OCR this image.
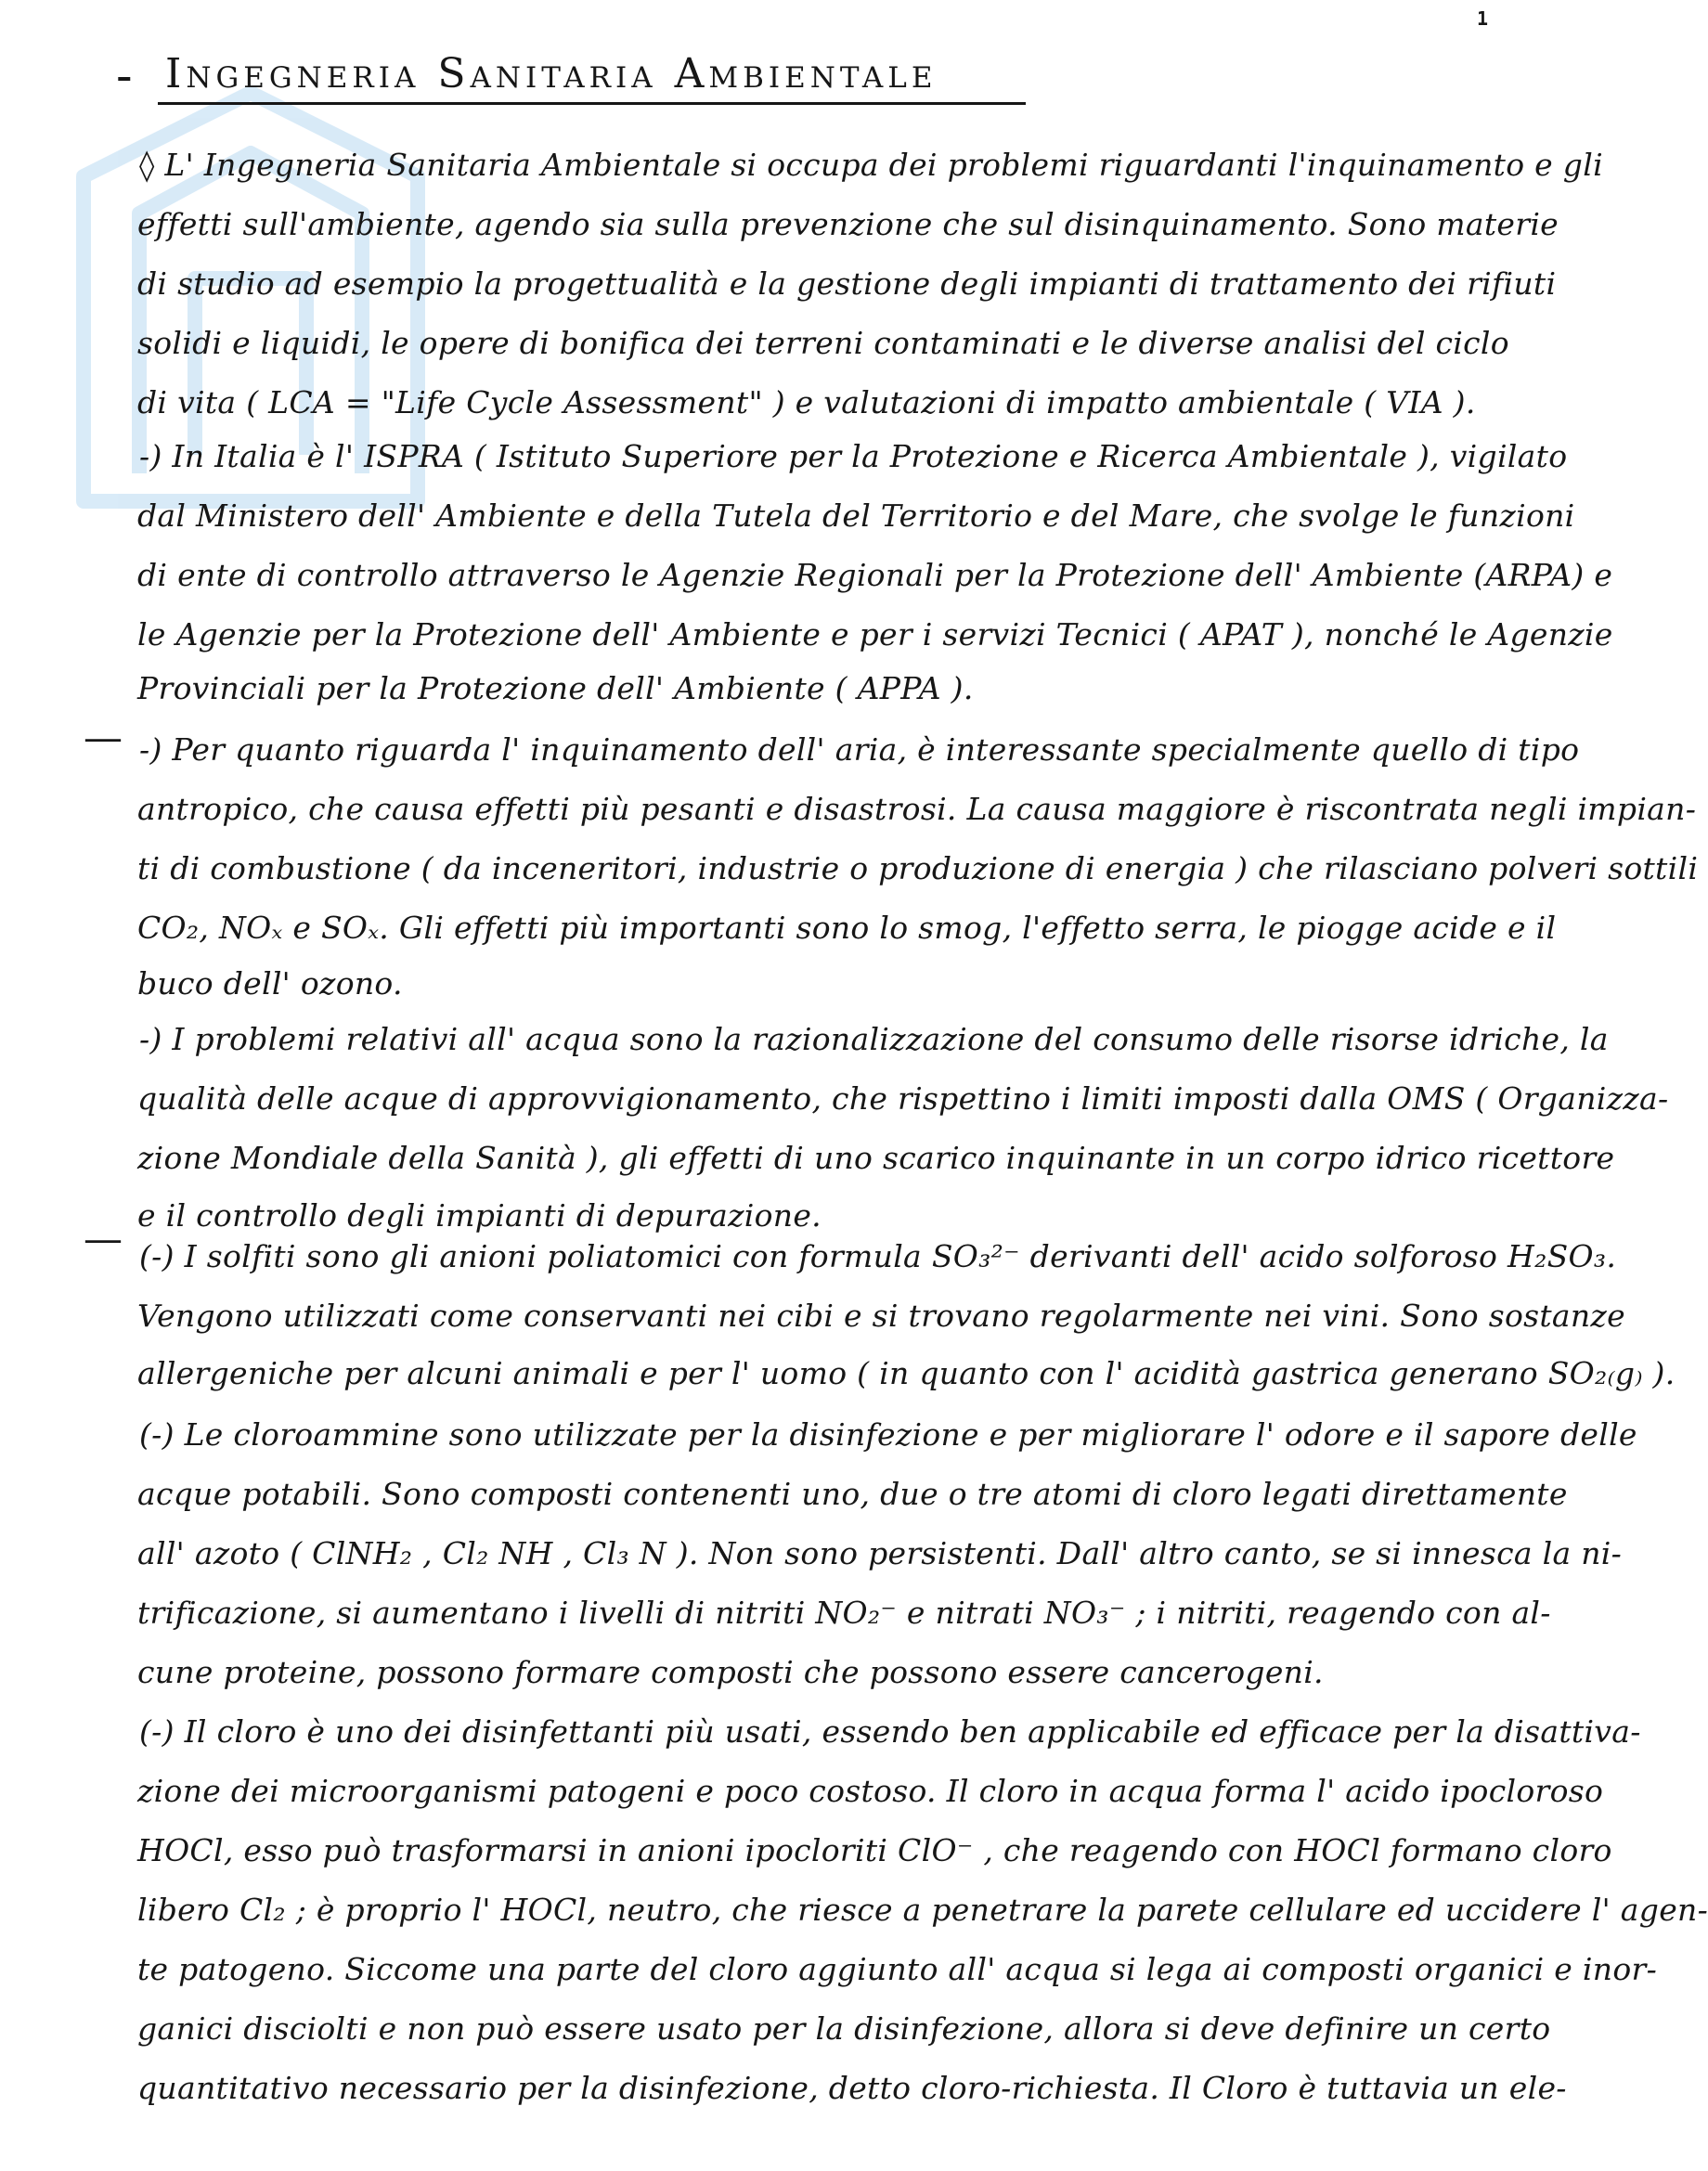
1
- Ingegneria Sanitaria Ambientale
—
—
◊ L' Ingegneria Sanitaria Ambientale si occupa dei problemi riguardanti l'inquinamento e gli
effetti sull'ambiente, agendo sia sulla prevenzione che sul disinquinamento. Sono materie
di studio ad esempio la progettualità e la gestione degli impianti di trattamento dei rifiuti
solidi e liquidi, le opere di bonifica dei terreni contaminati e le diverse analisi del ciclo
di vita ( LCA = "Life Cycle Assessment" ) e valutazioni di impatto ambientale ( VIA ).
-) In Italia è l' ISPRA ( Istituto Superiore per la Protezione e Ricerca Ambientale ), vigilato
dal Ministero dell' Ambiente e della Tutela del Territorio e del Mare, che svolge le funzioni
di ente di controllo attraverso le Agenzie Regionali per la Protezione dell' Ambiente (ARPA) e
le Agenzie per la Protezione dell' Ambiente e per i servizi Tecnici ( APAT ), nonché le Agenzie
Provinciali per la Protezione dell' Ambiente ( APPA ).
-) Per quanto riguarda l' inquinamento dell' aria, è interessante specialmente quello di tipo
antropico, che causa effetti più pesanti e disastrosi. La causa maggiore è riscontrata negli impian-
ti di combustione ( da inceneritori, industrie o produzione di energia ) che rilasciano polveri sottili
CO₂, NOₓ e SOₓ. Gli effetti più importanti sono lo smog, l'effetto serra, le piogge acide e il
buco dell' ozono.
-) I problemi relativi all' acqua sono la razionalizzazione del consumo delle risorse idriche, la
qualità delle acque di approvvigionamento, che rispettino i limiti imposti dalla OMS ( Organizza-
zione Mondiale della Sanità ), gli effetti di uno scarico inquinante in un corpo idrico ricettore
e il controllo degli impianti di depurazione.
(-) I solfiti sono gli anioni poliatomici con formula SO₃²⁻ derivanti dell' acido solforoso H₂SO₃.
Vengono utilizzati come conservanti nei cibi e si trovano regolarmente nei vini. Sono sostanze
allergeniche per alcuni animali e per l' uomo ( in quanto con l' acidità gastrica generano SO₂₍g₎ ).
(-) Le cloroammine sono utilizzate per la disinfezione e per migliorare l' odore e il sapore delle
acque potabili. Sono composti contenenti uno, due o tre atomi di cloro legati direttamente
all' azoto ( ClNH₂ , Cl₂ NH , Cl₃ N ). Non sono persistenti. Dall' altro canto, se si innesca la ni-
trificazione, si aumentano i livelli di nitriti NO₂⁻ e nitrati NO₃⁻ ; i nitriti, reagendo con al-
cune proteine, possono formare composti che possono essere cancerogeni.
(-) Il cloro è uno dei disinfettanti più usati, essendo ben applicabile ed efficace per la disattiva-
zione dei microorganismi patogeni e poco costoso. Il cloro in acqua forma l' acido ipocloroso
HOCl, esso può trasformarsi in anioni ipocloriti ClO⁻ , che reagendo con HOCl formano cloro
libero Cl₂ ; è proprio l' HOCl, neutro, che riesce a penetrare la parete cellulare ed uccidere l' agen-
te patogeno. Siccome una parte del cloro aggiunto all' acqua si lega ai composti organici e inor-
ganici disciolti e non può essere usato per la disinfezione, allora si deve definire un certo
quantitativo necessario per la disinfezione, detto cloro-richiesta. Il Cloro è tuttavia un ele-
